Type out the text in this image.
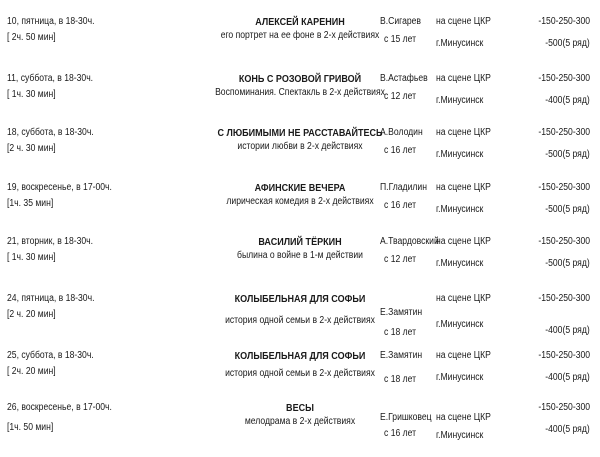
10, пятница, в 18-30ч.
[ 2ч. 50 мин]
АЛЕКСЕЙ КАРЕНИН
его портрет на ее фоне в 2-х действиях
В.Сигарев
с 15 лет
на сцене ЦКР
г.Минусинск
-150-250-300
-500(5 ряд)
11, суббота, в 18-30ч.
[ 1ч. 30 мин]
КОНЬ С РОЗОВОЙ ГРИВОЙ
Воспоминания. Спектакль в 2-х действиях
В.Астафьев
с 12 лет
на сцене ЦКР
г.Минусинск
-150-250-300
-400(5 ряд)
18, суббота, в 18-30ч.
[2 ч. 30 мин]
С ЛЮБИМЫМИ НЕ РАССТАВАЙТЕСЬ
истории любви в 2-х действиях
А.Володин
с 16 лет
на сцене ЦКР
г.Минусинск
-150-250-300
-500(5 ряд)
19, воскресенье, в 17-00ч.
[1ч. 35 мин]
АФИНСКИЕ ВЕЧЕРА
лирическая комедия в 2-х действиях
П.Гладилин
с 16 лет
на сцене ЦКР
г.Минусинск
-150-250-300
-500(5 ряд)
21, вторник, в 18-30ч.
[ 1ч. 30 мин]
ВАСИЛИЙ ТЁРКИН
былина о войне в 1-м действии
А.Твардовский
с 12 лет
на сцене ЦКР
г.Минусинск
-150-250-300
-500(5 ряд)
24, пятница, в 18-30ч.
[2 ч. 20 мин]
КОЛЫБЕЛЬНАЯ ДЛЯ СОФЬИ
история одной семьи в 2-х действиях
Е.Замятин
с 18 лет
на сцене ЦКР
г.Минусинск
-150-250-300
-400(5 ряд)
25, суббота, в 18-30ч.
[ 2ч. 20 мин]
КОЛЫБЕЛЬНАЯ ДЛЯ СОФЬИ
история одной семьи в 2-х действиях
Е.Замятин
с 18 лет
на сцене ЦКР
г.Минусинск
-150-250-300
-400(5 ряд)
26, воскресенье, в 17-00ч.
[1ч. 50 мин]
ВЕСЫ
мелодрама в 2-х действиях Е.Гришковец
с 16 лет
на сцене ЦКР
г.Минусинск
-150-250-300
-400(5 ряд)
